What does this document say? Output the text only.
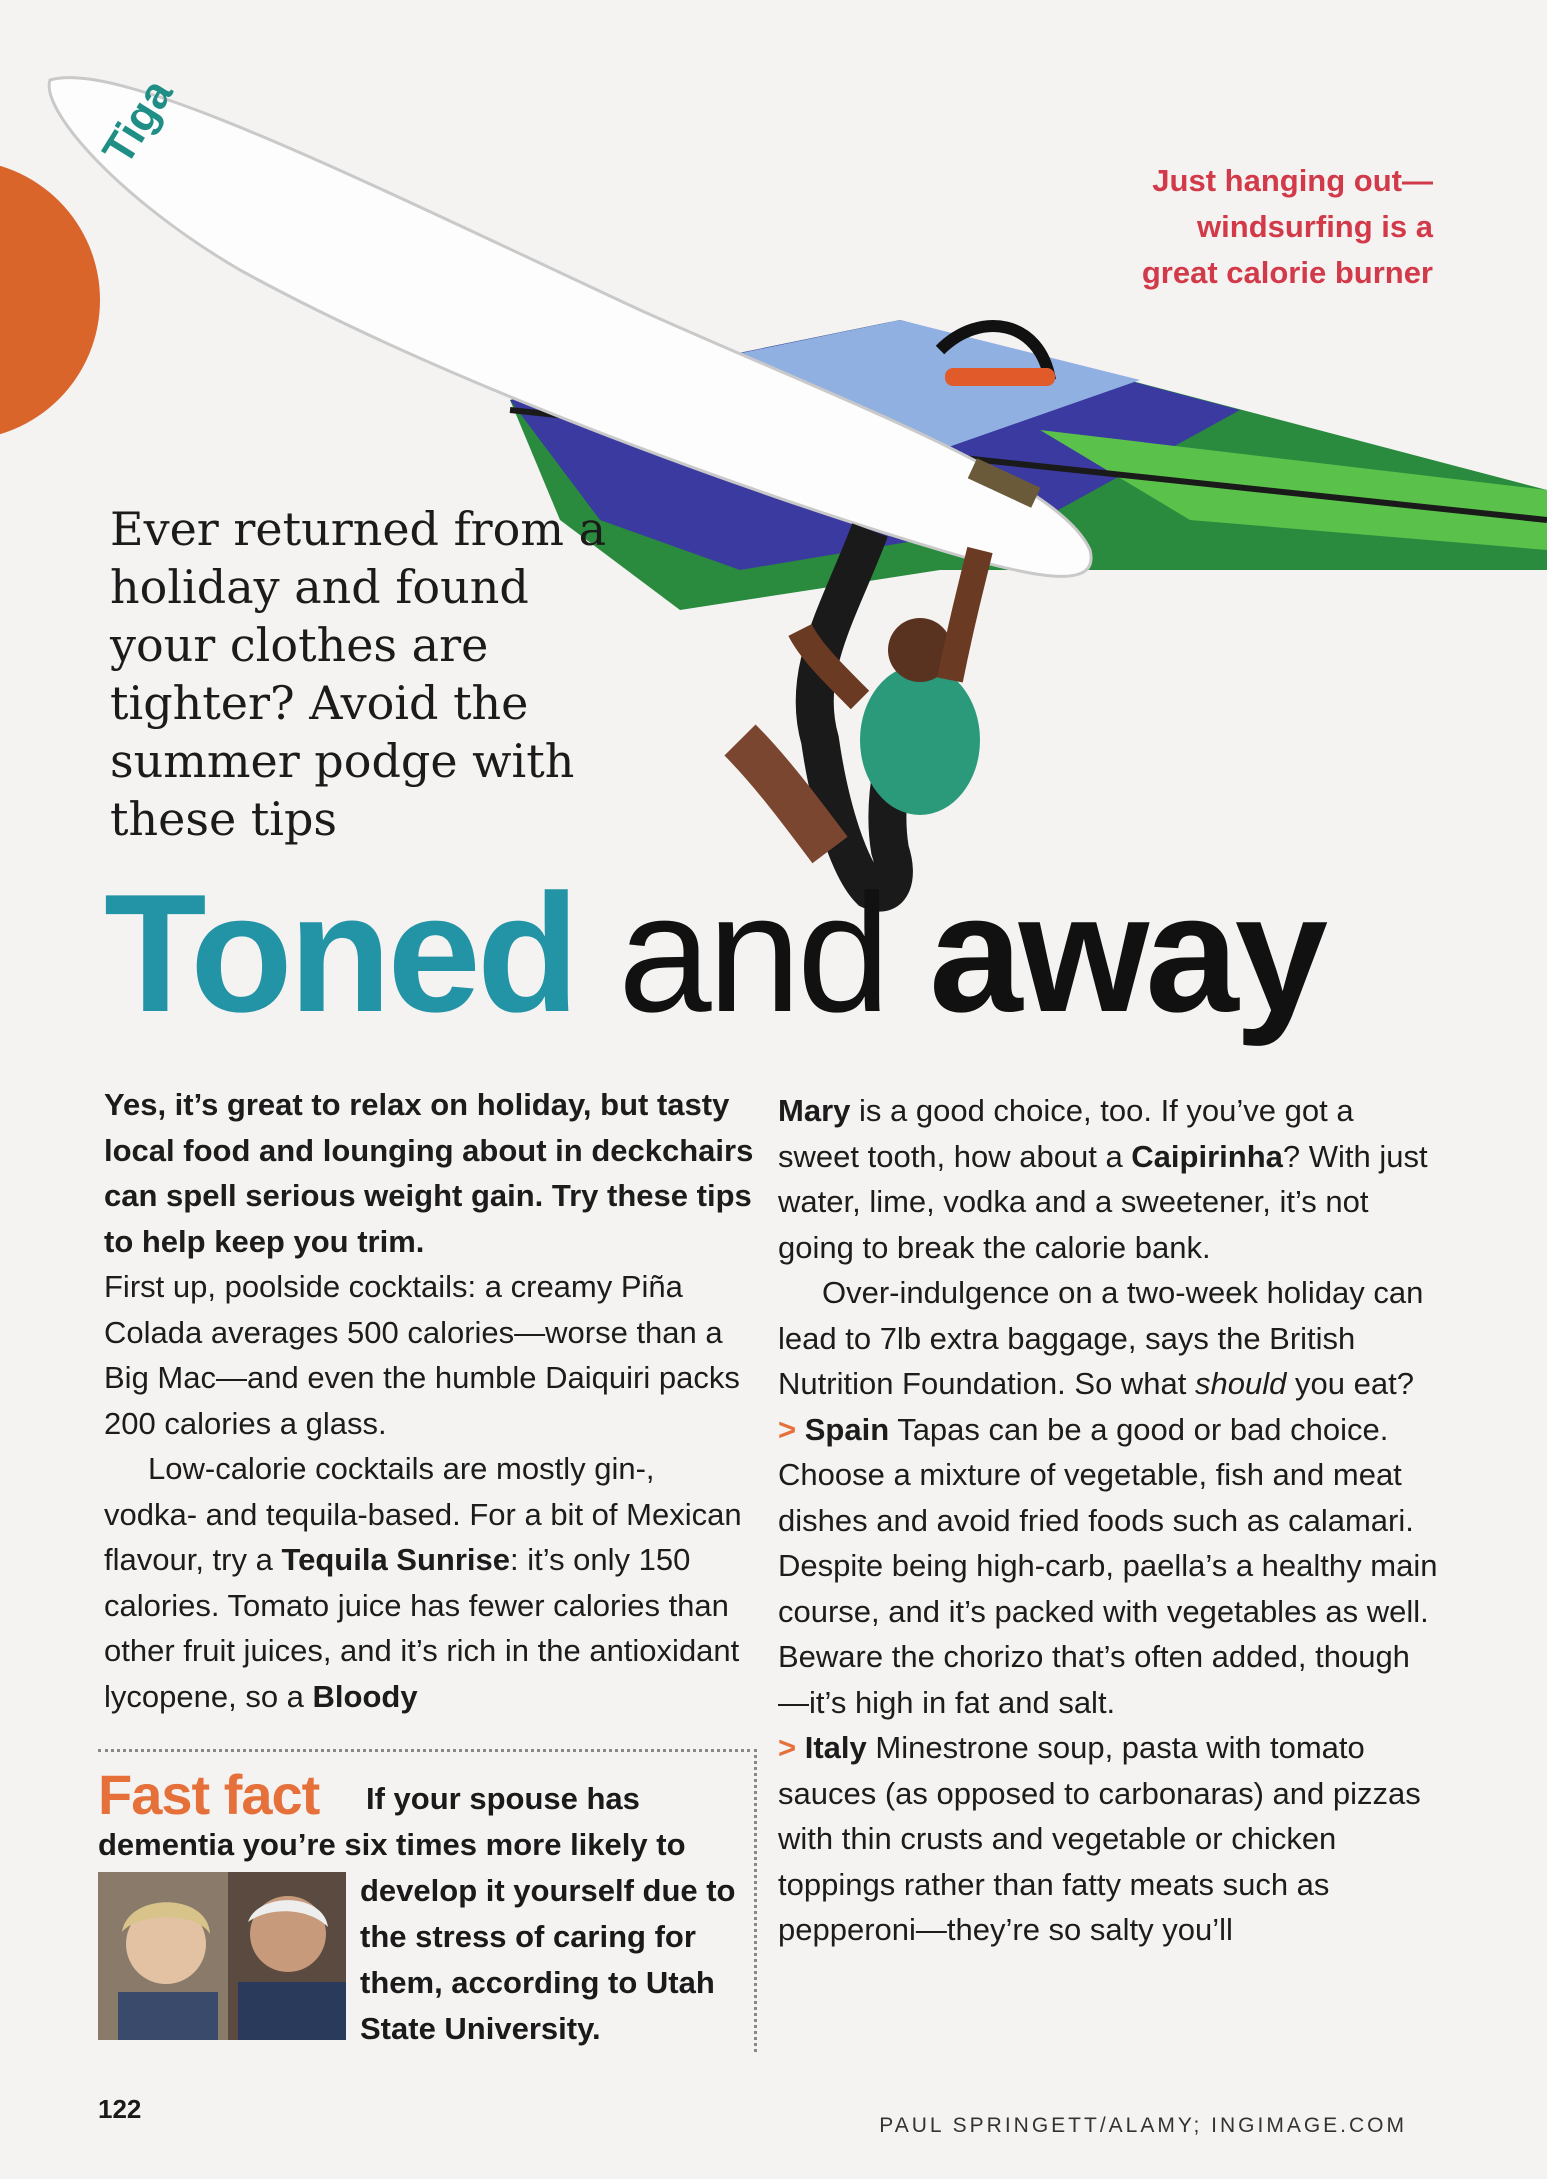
Tiga
Just hanging out—
windsurfing is a
great calorie burner
Ever returned from a holiday and found your clothes are tighter? Avoid the summer podge with these tips
Toned and away

Yes, it’s great to relax on holiday, but tasty local food and lounging about in deckchairs can spell serious weight gain. Try these tips to help keep you trim.

First up, poolside cocktails: a creamy Piña Colada averages 500 calories—worse than a Big Mac—and even the humble Daiquiri packs 200 calories a glass.

Low-calorie cocktails are mostly gin-, vodka- and tequila-based. For a bit of Mexican flavour, try a Tequila Sunrise: it’s only 150 calories. Tomato juice has fewer calories than other fruit juices, and it’s rich in the antioxidant lycopene, so a Bloody

Mary is a good choice, too. If you’ve got a sweet tooth, how about a Caipirinha? With just water, lime, vodka and a sweetener, it’s not going to break the calorie bank.

Over-indulgence on a two-week holiday can lead to 7lb extra baggage, says the British Nutrition Foundation. So what should you eat?

> Spain Tapas can be a good or bad choice. Choose a mixture of vegetable, fish and meat dishes and avoid fried foods such as calamari. Despite being high-carb, paella’s a healthy main course, and it’s packed with vegetables as well. Beware the chorizo that’s often added, though —it’s high in fat and salt.

> Italy Minestrone soup, pasta with tomato sauces (as opposed to carbonaras) and pizzas with thin crusts and vegetable or chicken toppings rather than fatty meats such as pepperoni—they’re so salty you’ll

Fast fact If your spouse has
dementia you’re six times more likely to
develop it yourself due to the stress of caring for them, according to Utah State University.
122
PAUL SPRINGETT/ALAMY; INGIMAGE.COM
